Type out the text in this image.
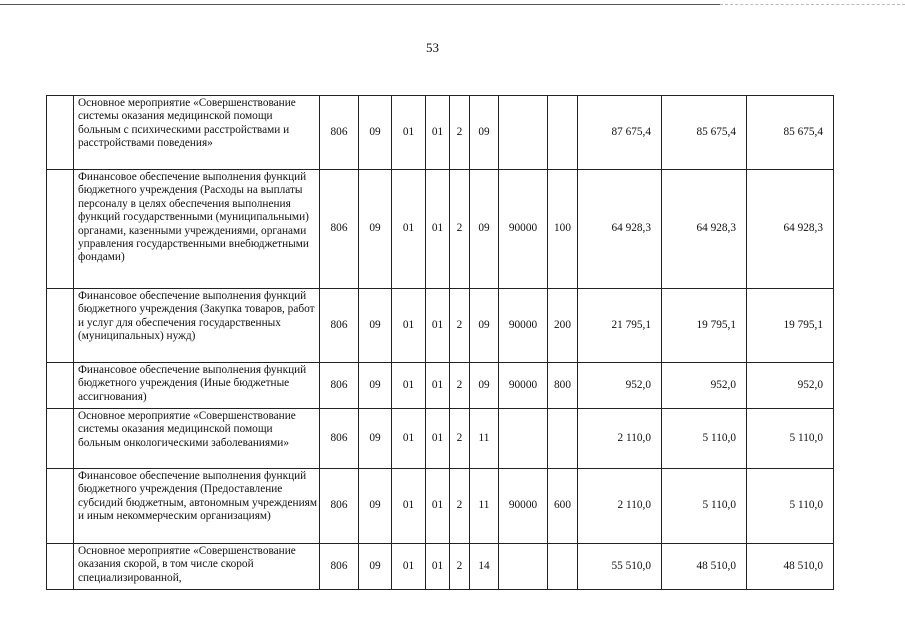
53
	Основное мероприятие «Совершенствование системы оказания медицинской помощи больным с психическими расстройствами и расстройствами поведения»	806	09	01	01	2	09			87 675,4	85 675,4	85 675,4
	Финансовое обеспечение выполнения функций бюджетного учреждения (Расходы на выплаты персоналу в целях обеспечения выполнения функций государственными (муниципальными) органами, казенными учреждениями, органами управления государственными внебюджетными фондами)	806	09	01	01	2	09	90000	100	64 928,3	64 928,3	64 928,3
	Финансовое обеспечение выполнения функций бюджетного учреждения (Закупка товаров, работ и услуг для обеспечения государственных (муниципальных) нужд)	806	09	01	01	2	09	90000	200	21 795,1	19 795,1	19 795,1
	Финансовое обеспечение выполнения функций бюджетного учреждения (Иные бюджетные ассигнования)	806	09	01	01	2	09	90000	800	952,0	952,0	952,0
	Основное мероприятие «Совершенствование системы оказания медицинской помощи больным онкологическими заболеваниями»	806	09	01	01	2	11			2 110,0	5 110,0	5 110,0
	Финансовое обеспечение выполнения функций бюджетного учреждения (Предоставление субсидий бюджетным, автономным учреждениям и иным некоммерческим организациям)	806	09	01	01	2	11	90000	600	2 110,0	5 110,0	5 110,0
	Основное мероприятие «Совершенствование оказания скорой, в том числе скорой специализированной,	806	09	01	01	2	14			55 510,0	48 510,0	48 510,0
